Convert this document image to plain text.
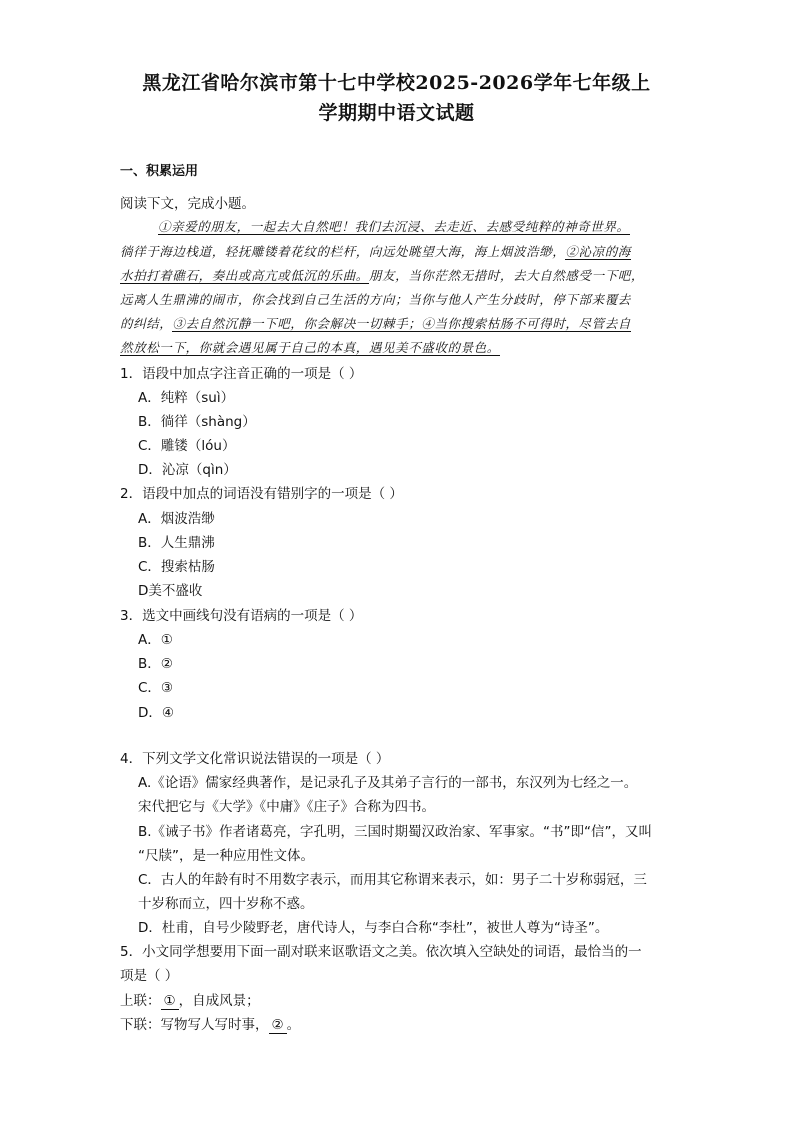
黑龙江省哈尔滨市第十七中学校2025-2026学年七年级上
学期期中语文试题
一、积累运用
阅读下文，完成小题。
①亲爱的朋友，一起去大自然吧！我们去沉浸、去走近、去感受纯粹的神奇世界。
徜徉于海边栈道，轻抚雕镂着花纹的栏杆，向远处眺望大海，海上烟波浩缈，②沁凉的海
水拍打着礁石，奏出或高亢或低沉的乐曲。朋友，当你茫然无措时，去大自然感受一下吧，
远离人生鼎沸的闹市，你会找到自己生活的方向；当你与他人产生分歧时，停下部来覆去
的纠结，③去自然沉静一下吧，你会解决一切棘手；④当你搜索枯肠不可得时，尽管去自
然放松一下，你就会遇见属于自己的本真，遇见美不盛收的景色。
1．语段中加点字注音正确的一项是（ ）
A．纯粹（suì）
B．徜徉（shàng）
C．雕镂（lóu）
D．沁凉（qìn）
2．语段中加点的词语没有错别字的一项是（ ）
A．烟波浩缈
B．人生鼎沸
C．搜索枯肠
D美不盛收
3．选文中画线句没有语病的一项是（ ）
A．①
B．②
C．③
D．④
4．下列文学文化常识说法错误的一项是（ ）
A.《论语》儒家经典著作，是记录孔子及其弟子言行的一部书，东汉列为七经之一。
宋代把它与《大学》《中庸》《庄子》合称为四书。
B.《诫子书》作者诸葛亮，字孔明，三国时期蜀汉政治家、军事家。“书”即“信”，又叫
“尺牍”，是一种应用性文体。
C．古人的年龄有时不用数字表示，而用其它称谓来表示，如：男子二十岁称弱冠，三
十岁称而立，四十岁称不惑。
D．杜甫，自号少陵野老，唐代诗人，与李白合称“李杜”，被世人尊为“诗圣”。
5．小文同学想要用下面一副对联来讴歌语文之美。依次填入空缺处的词语，最恰当的一
项是（ ）
上联： ① ，自成风景；
下联：写物写人写时事， ② 。
